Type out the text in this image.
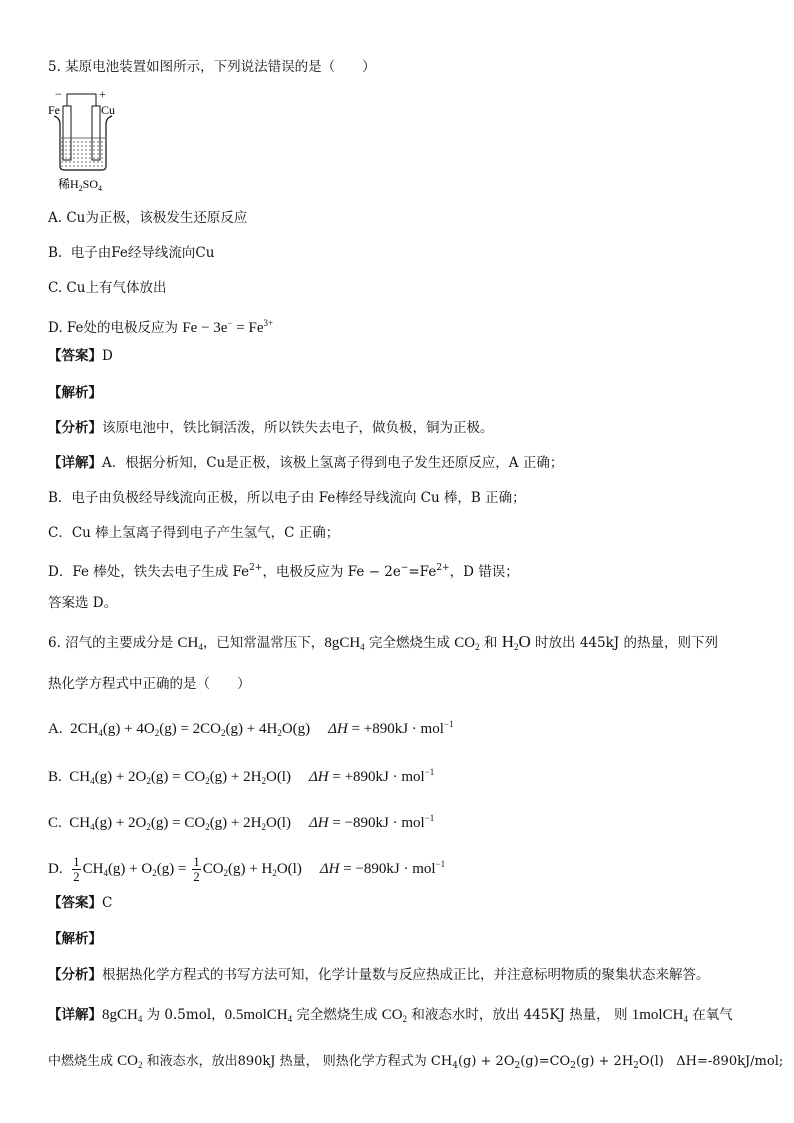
5. 某原电池装置如图所示，下列说法错误的是（　　）
−	+
Fe	Cu
稀$H_2SO_4$
A. Cu为正极，该极发生还原反应
B.  电子由Fe经导线流向Cu
C. Cu上有气体放出
D. Fe处的电极反应为 $Fe - 3e^- = Fe^{3+}$
【答案】D
【解析】
【分析】该原电池中，铁比铜活泼，所以铁失去电子，做负极，铜为正极。
【详解】A．根据分析知，Cu是正极，该极上氢离子得到电子发生还原反应，A 正确；
B．电子由负极经导线流向正极，所以电子由 Fe棒经导线流向 Cu 棒，B 正确；
C．Cu 棒上氢离子得到电子产生氢气，C 正确；
D．Fe 棒处，铁失去电子生成 $Fe^{2+}$，电极反应为 $Fe - 2e^-=Fe^{2+}$，D 错误；
答案选 D。
6. 沼气的主要成分是 $CH_4$，已知常温常压下，8gCH$_4$ 完全燃烧生成 $CO_2$ 和 $H_2O$ 时放出 445kJ 的热量，则下列
热化学方程式中正确的是（　　）
A.  $2CH_4(g) + 4O_2(g) = 2CO_2(g) + 4H_2O(g) \Delta H = +890kJ \cdot mol^{-1}$
B.  $CH_4(g) + 2O_2(g) = CO_2(g) + 2H_2O(l) \Delta H = +890kJ \cdot mol^{-1}$
C.  $CH_4(g) + 2O_2(g) = CO_2(g) + 2H_2O(l) \Delta H = -890kJ \cdot mol^{-1}$
D. $\frac{1}{2} CH_4(g) + O_2(g) = \frac{1}{2} CO_2(g) + H_2O(l) \Delta H = -890kJ \cdot mol^{-1}$
【答案】C
【解析】
【分析】根据热化学方程式的书写方法可知，化学计量数与反应热成正比，并注意标明物质的聚集状态来解答。
【详解】8gCH$_4$ 为 0.5mol，0.5molCH$_4$ 完全燃烧生成 $CO_2$ 和液态水时，放出 445KJ 热量， 则 1molCH$_4$ 在氧气
中燃烧生成 $CO_2$ 和液态水，放出890kJ 热量， 则热化学方程式为 $CH_4(g) + 2O_2(g)=CO_2(g) + 2H_2O(l)$   ΔH=-890kJ/mol;
